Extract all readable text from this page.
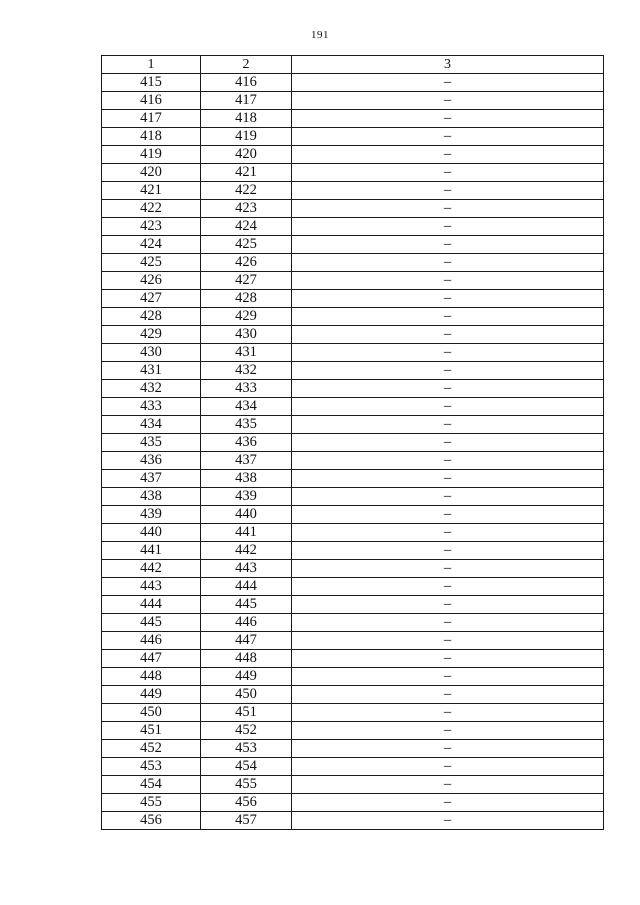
191
1	2	3
415	416	–
416	417	–
417	418	–
418	419	–
419	420	–
420	421	–
421	422	–
422	423	–
423	424	–
424	425	–
425	426	–
426	427	–
427	428	–
428	429	–
429	430	–
430	431	–
431	432	–
432	433	–
433	434	–
434	435	–
435	436	–
436	437	–
437	438	–
438	439	–
439	440	–
440	441	–
441	442	–
442	443	–
443	444	–
444	445	–
445	446	–
446	447	–
447	448	–
448	449	–
449	450	–
450	451	–
451	452	–
452	453	–
453	454	–
454	455	–
455	456	–
456	457	–
